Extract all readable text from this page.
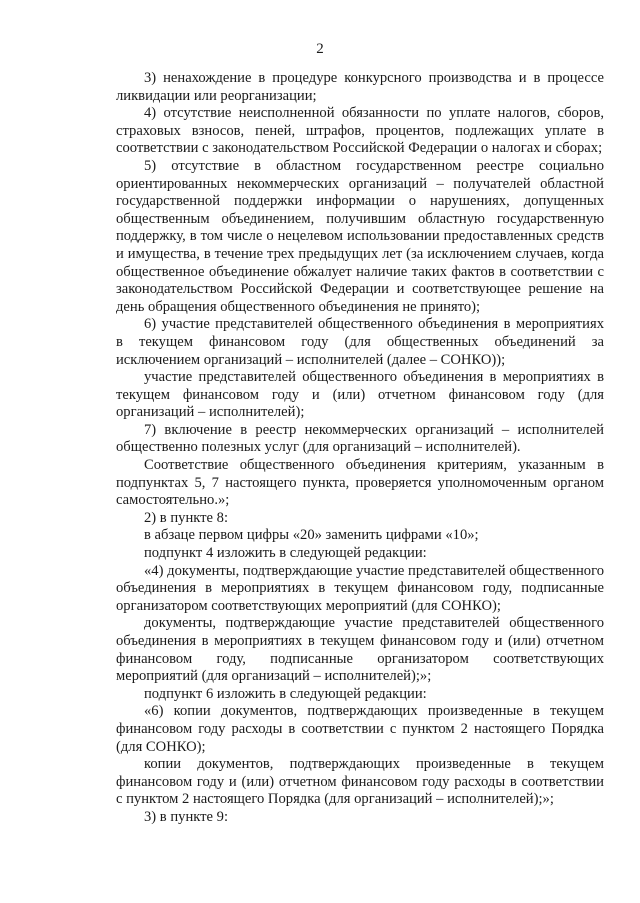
2

3) ненахождение в процедуре конкурсного производства и в процессе ликвидации или реорганизации;

4) отсутствие неисполненной обязанности по уплате налогов, сборов, страховых взносов, пеней, штрафов, процентов, подлежащих уплате в соответствии с законодательством Российской Федерации о налогах и сборах;

5) отсутствие в областном государственном реестре социально ориентированных некоммерческих организаций – получателей областной государственной поддержки информации о нарушениях, допущенных общественным объединением, получившим областную государственную поддержку, в том числе о нецелевом использовании предоставленных средств и имущества, в течение трех предыдущих лет (за исключением случаев, когда общественное объединение обжалует наличие таких фактов в соответствии с законодательством Российской Федерации и соответствующее решение на день обращения общественного объединения не принято);

6) участие представителей общественного объединения в мероприятиях в текущем финансовом году (для общественных объединений за исключением организаций – исполнителей (далее – СОНКО));

участие представителей общественного объединения в мероприятиях в текущем финансовом году и (или) отчетном финансовом году (для организаций – исполнителей);

7) включение в реестр некоммерческих организаций – исполнителей общественно полезных услуг (для организаций – исполнителей).

Соответствие общественного объединения критериям, указанным в подпунктах 5, 7 настоящего пункта, проверяется уполномоченным органом самостоятельно.»;

2) в пункте 8:

в абзаце первом цифры «20» заменить цифрами «10»;

подпункт 4 изложить в следующей редакции:

«4) документы, подтверждающие участие представителей общественного объединения в мероприятиях в текущем финансовом году, подписанные организатором соответствующих мероприятий (для СОНКО);

документы, подтверждающие участие представителей общественного объединения в мероприятиях в текущем финансовом году и (или) отчетном финансовом году, подписанные организатором соответствующих мероприятий (для организаций – исполнителей);»;

подпункт 6 изложить в следующей редакции:

«6) копии документов, подтверждающих произведенные в текущем финансовом году расходы в соответствии с пунктом 2 настоящего Порядка (для СОНКО);

копии документов, подтверждающих произведенные в текущем финансовом году и (или) отчетном финансовом году расходы в соответствии с пунктом 2 настоящего Порядка (для организаций – исполнителей);»;

3) в пункте 9:
